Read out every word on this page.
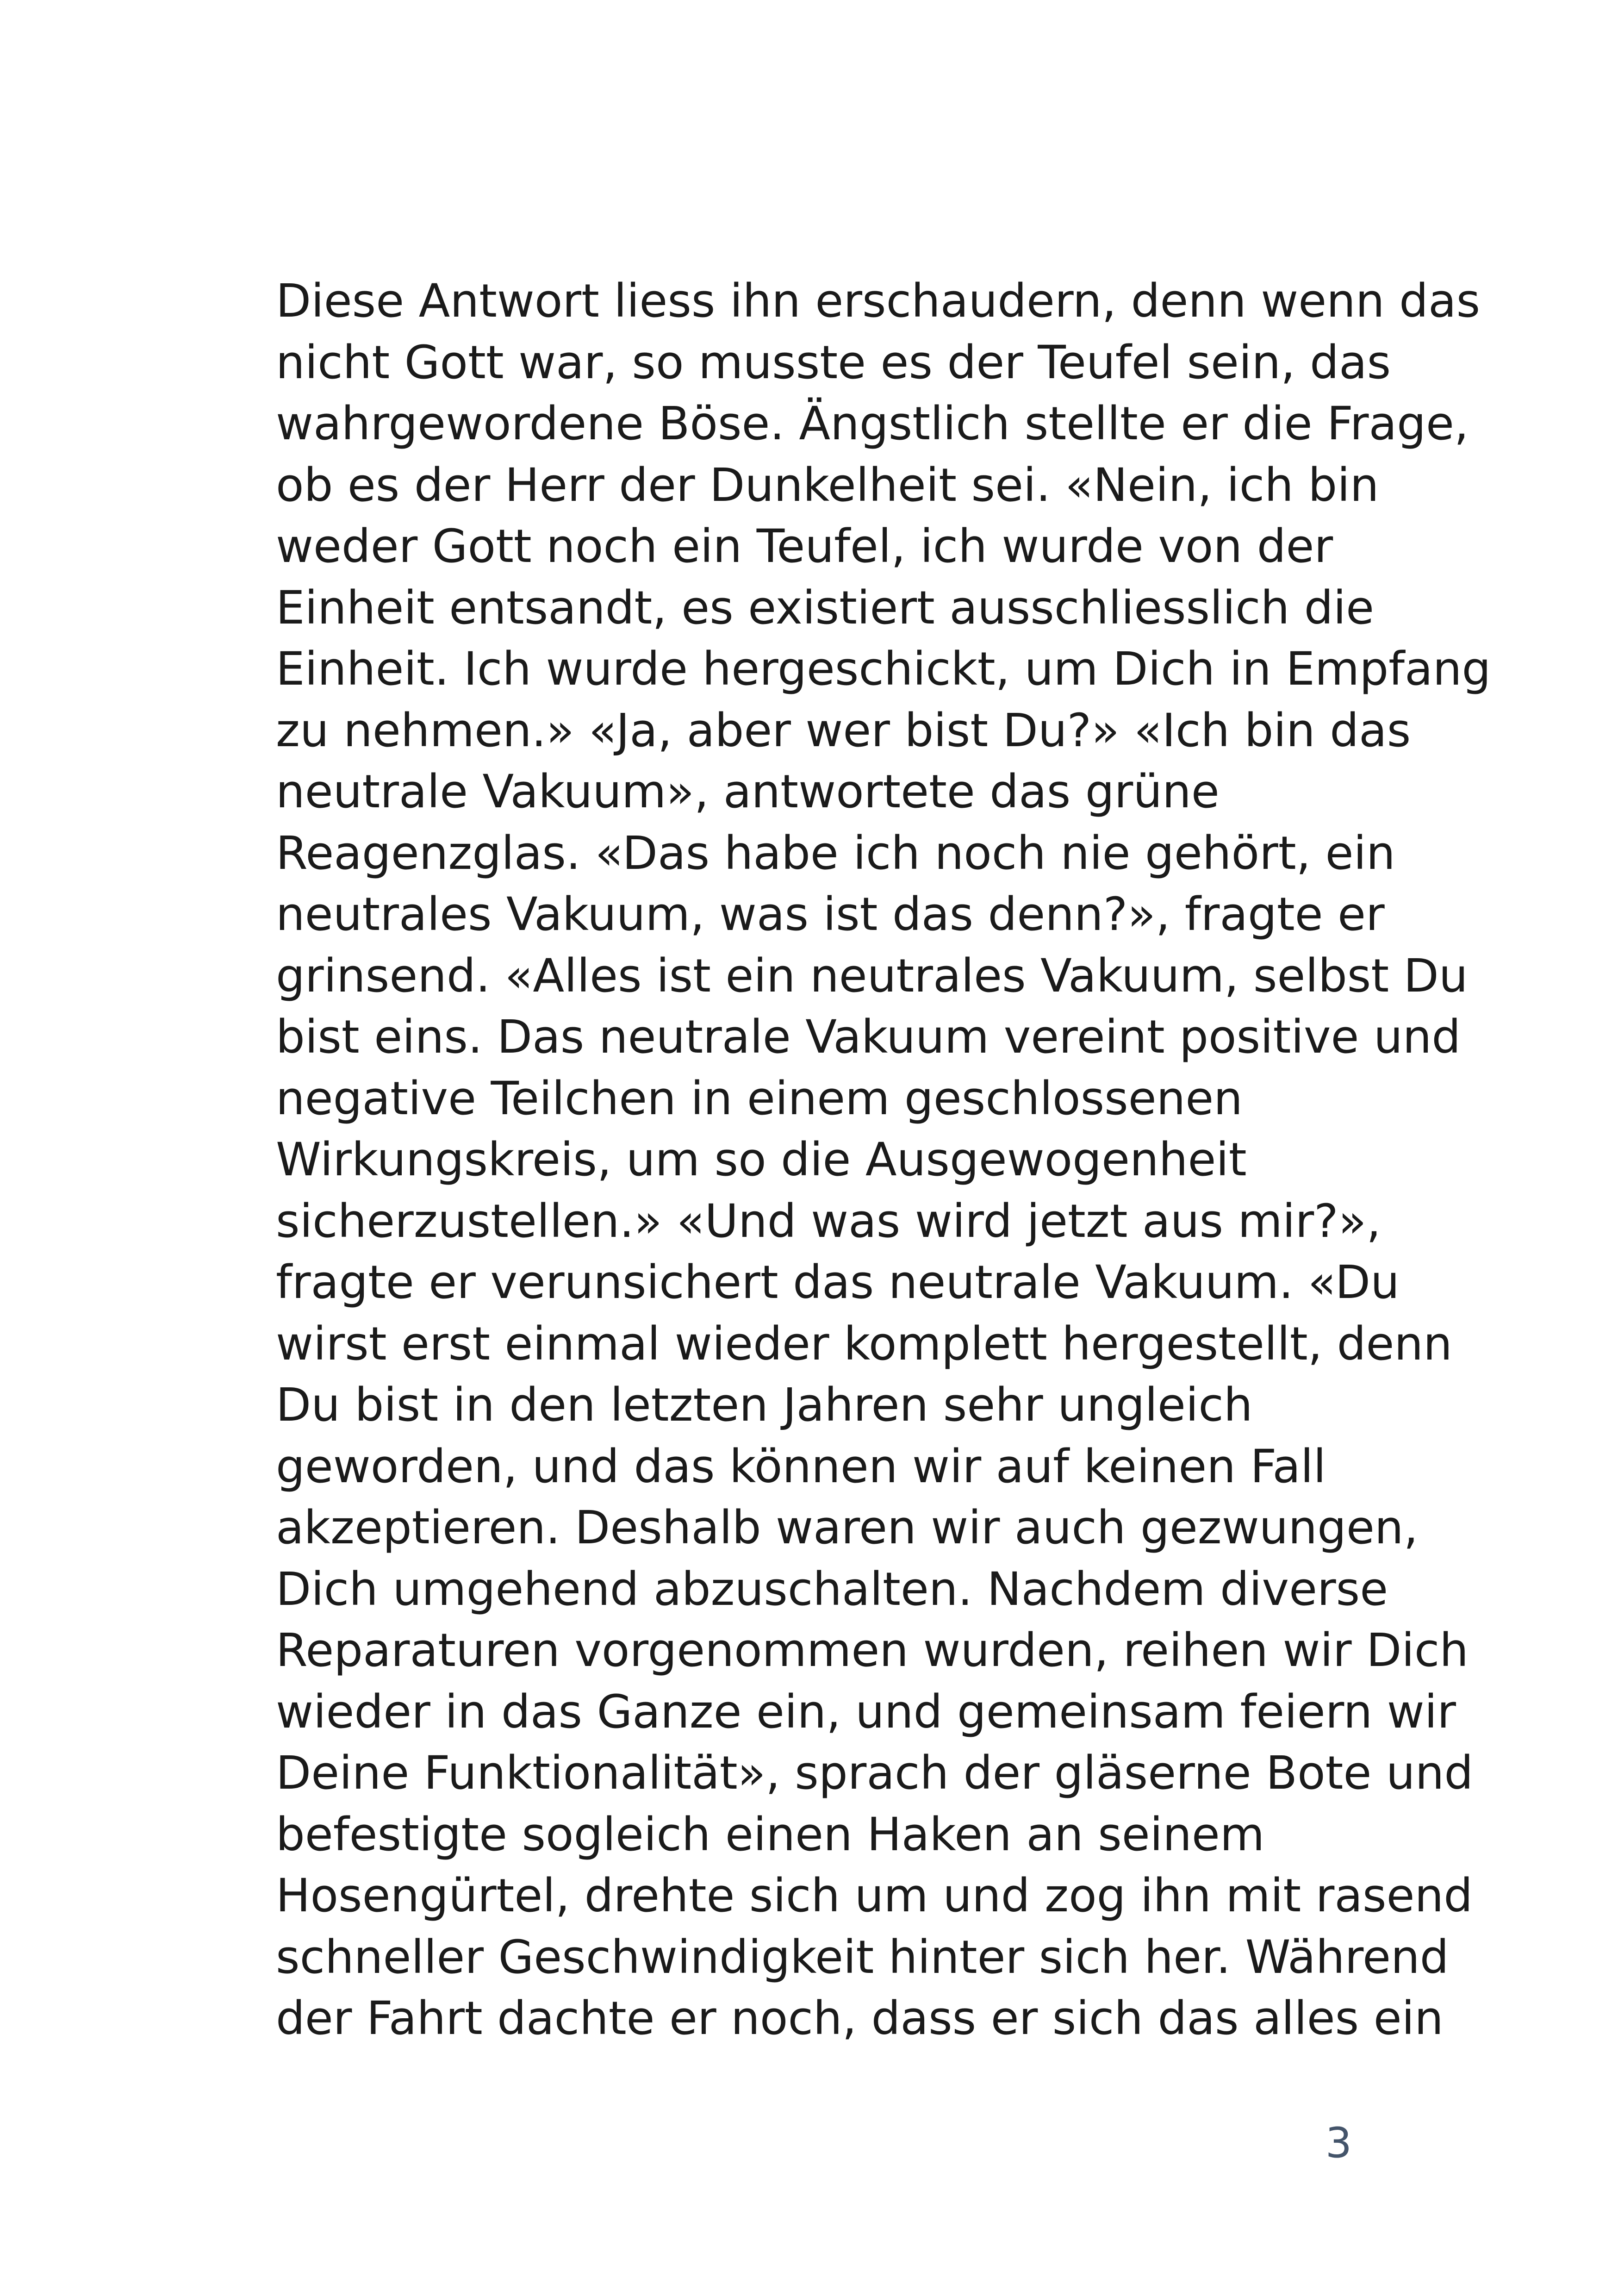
Diese Antwort liess ihn erschaudern, denn wenn das
nicht Gott war, so musste es der Teufel sein, das
wahrgewordene Böse. Ängstlich stellte er die Frage,
ob es der Herr der Dunkelheit sei. «Nein, ich bin
weder Gott noch ein Teufel, ich wurde von der
Einheit entsandt, es existiert ausschliesslich die
Einheit. Ich wurde hergeschickt, um Dich in Empfang
zu nehmen.» «Ja, aber wer bist Du?» «Ich bin das
neutrale Vakuum», antwortete das grüne
Reagenzglas. «Das habe ich noch nie gehört, ein
neutrales Vakuum, was ist das denn?», fragte er
grinsend. «Alles ist ein neutrales Vakuum, selbst Du
bist eins. Das neutrale Vakuum vereint positive und
negative Teilchen in einem geschlossenen
Wirkungskreis, um so die Ausgewogenheit
sicherzustellen.» «Und was wird jetzt aus mir?»,
fragte er verunsichert das neutrale Vakuum. «Du
wirst erst einmal wieder komplett hergestellt, denn
Du bist in den letzten Jahren sehr ungleich
geworden, und das können wir auf keinen Fall
akzeptieren. Deshalb waren wir auch gezwungen,
Dich umgehend abzuschalten. Nachdem diverse
Reparaturen vorgenommen wurden, reihen wir Dich
wieder in das Ganze ein, und gemeinsam feiern wir
Deine Funktionalität», sprach der gläserne Bote und
befestigte sogleich einen Haken an seinem
Hosengürtel, drehte sich um und zog ihn mit rasend
schneller Geschwindigkeit hinter sich her. Während
der Fahrt dachte er noch, dass er sich das alles ein

3
